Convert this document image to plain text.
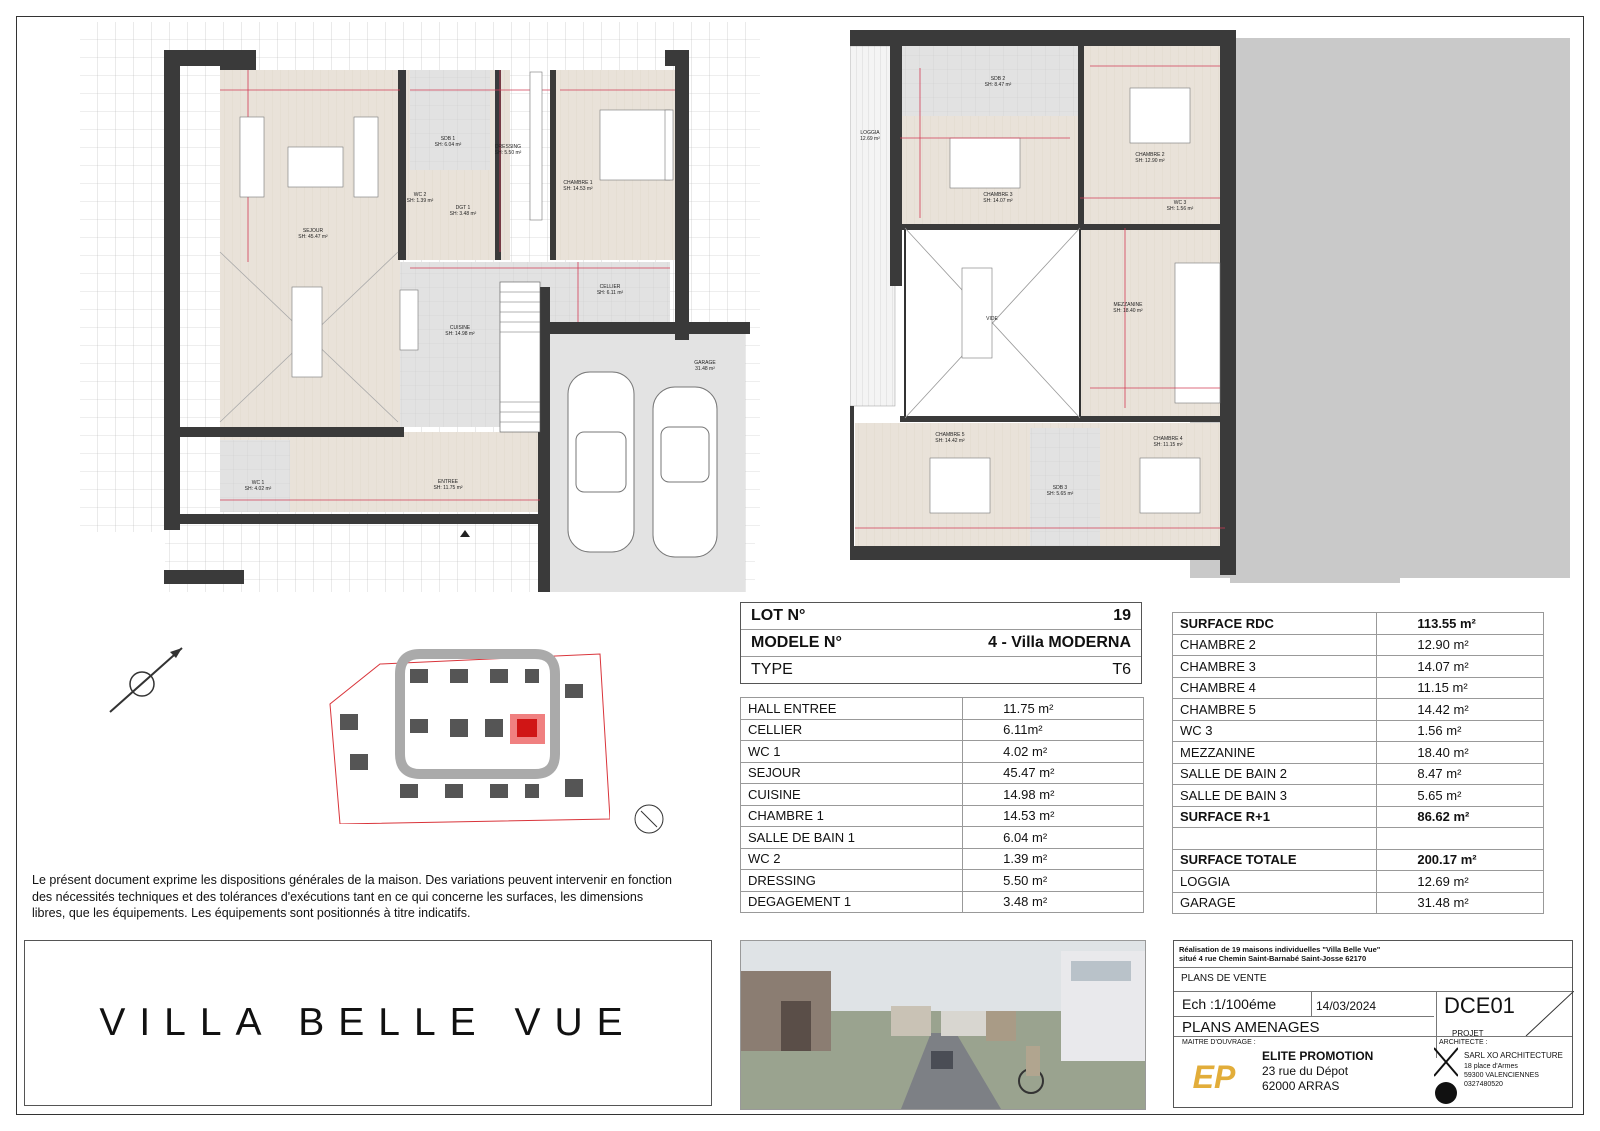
SEJOUR
SH: 45.47 m²
CUISINE
SH: 14.98 m²
CHAMBRE 1
SH: 14.53 m²
DRESSING
SH: 5.50 m²
SDB 1
SH: 6.04 m²
WC 2
SH: 1.39 m²
DGT 1
SH: 3.48 m²
CELLIER
SH: 6.11 m²
GARAGE
31.48 m²
ENTREE
SH: 11.75 m²
WC 1
SH: 4.02 m²
LOGGIA
12.69 m²
SDB 2
SH: 8.47 m²
CHAMBRE 2
SH: 12.90 m²
CHAMBRE 3
SH: 14.07 m²	WC 3
SH: 1.56 m²
VIDE
MEZZANINE
SH: 18.40 m²
CHAMBRE 5
SH: 14.42 m²	CHAMBRE 4
SH: 11.15 m²
SDB 3
SH: 5.65 m²
LOT N°	19
MODELE N°	4 - Villa MODERNA
TYPE	T6
HALL ENTREE	11.75 m²
CELLIER	6.11m²
WC 1	4.02 m²
SEJOUR	45.47 m²
CUISINE	14.98 m²
CHAMBRE 1	14.53 m²
SALLE DE BAIN 1	6.04 m²
WC 2	1.39 m²
DRESSING	5.50 m²
DEGAGEMENT 1	3.48 m²
SURFACE RDC	113.55 m²
CHAMBRE 2	12.90 m²
CHAMBRE 3	14.07 m²
CHAMBRE 4	11.15 m²
CHAMBRE 5	14.42 m²
WC 3	1.56 m²
MEZZANINE	18.40 m²
SALLE DE BAIN 2	8.47 m²
SALLE DE BAIN 3	5.65 m²
SURFACE R+1	86.62 m²

SURFACE TOTALE	200.17 m²
LOGGIA	12.69 m²
GARAGE	31.48 m²
Le présent document exprime les dispositions générales de la maison. Des variations peuvent intervenir en fonction des nécessités techniques et des tolérances d'exécutions tant en ce qui concerne les surfaces, les dimensions libres, que les équipements. Les équipements sont positionnés à titre indicatifs.
VILLA BELLE VUE
Réalisation de 19 maisons individuelles "Villa Belle Vue"
situé 4 rue Chemin Saint-Barnabé Saint-Josse 62170
PLANS DE VENTE
Ech :1/100éme	14/03/2024	DCE01
PLANS AMENAGES	PROJET
MAITRE D'OUVRAGE :	ARCHITECTE :
EP
ELITE PROMOTION
23 rue du Dépot
62000 ARRAS
SARL XO ARCHITECTURE
18 place d'Armes
59300 VALENCIENNES
0327480520
